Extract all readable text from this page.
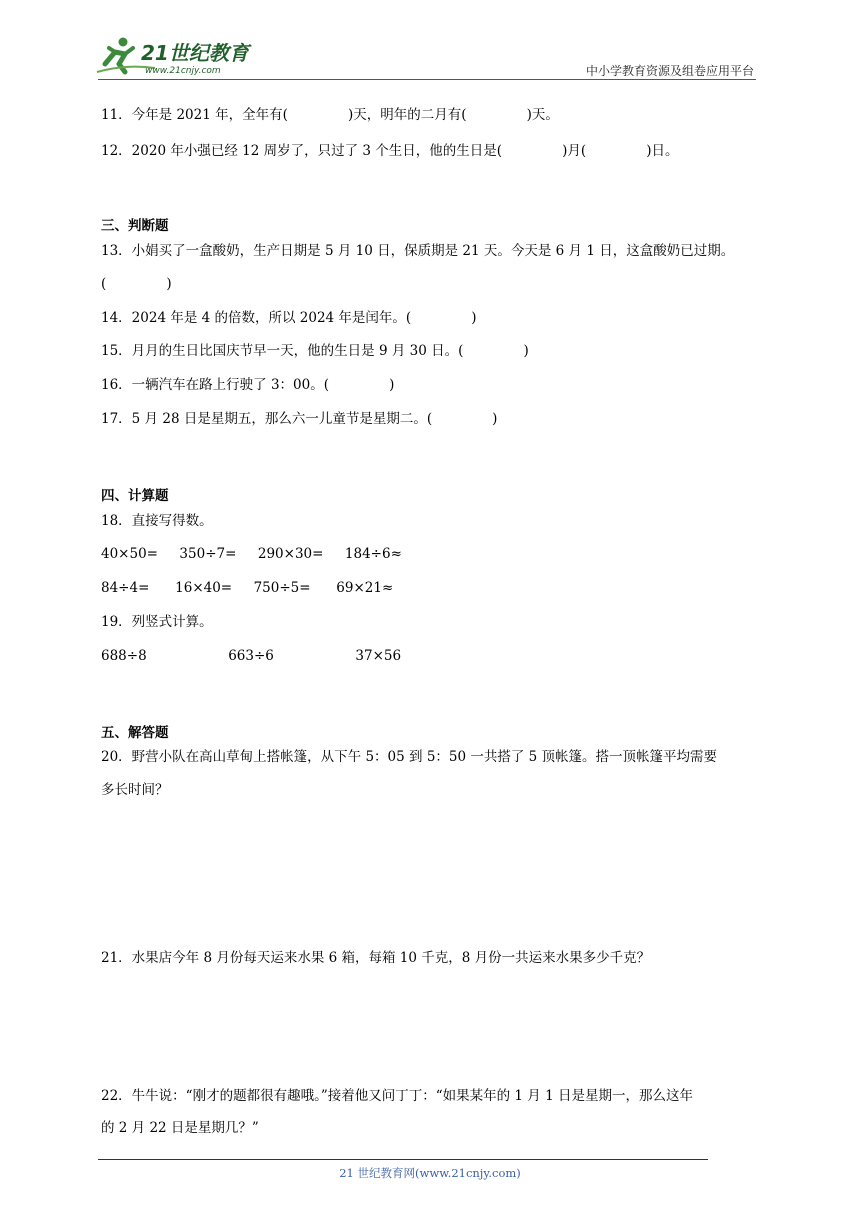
21世纪教育
www.21cnjy.com	中小学教育资源及组卷应用平台
11．今年是 2021 年，全年有(              )天，明年的二月有(              )天。
12．2020 年小强已经 12 周岁了，只过了 3 个生日，他的生日是(              )月(              )日。
三、判断题
13．小娟买了一盒酸奶，生产日期是 5 月 10 日，保质期是 21 天。今天是 6 月 1 日，这盒酸奶已过期。
(              )
14．2024 年是 4 的倍数，所以 2024 年是闰年。(              )
15．月月的生日比国庆节早一天，他的生日是 9 月 30 日。(              )
16．一辆汽车在路上行驶了 3：00。(              )
17．5 月 28 日是星期五，那么六一儿童节是星期二。(              )
四、计算题
18．直接写得数。
40×50=     350÷7=     290×30=     184÷6≈
84÷4=      16×40=     750÷5=      69×21≈
19．列竖式计算。
688÷8                   663÷6                   37×56
五、解答题
20．野营小队在高山草甸上搭帐篷，从下午 5：05 到 5：50 一共搭了 5 顶帐篷。搭一顶帐篷平均需要
多长时间？
21．水果店今年 8 月份每天运来水果 6 箱，每箱 10 千克，8 月份一共运来水果多少千克？
22．牛牛说：“刚才的题都很有趣哦。”接着他又问丁丁：“如果某年的 1 月 1 日是星期一，那么这年
的 2 月 22 日是星期几？”
21 世纪教育网(www.21cnjy.com)
